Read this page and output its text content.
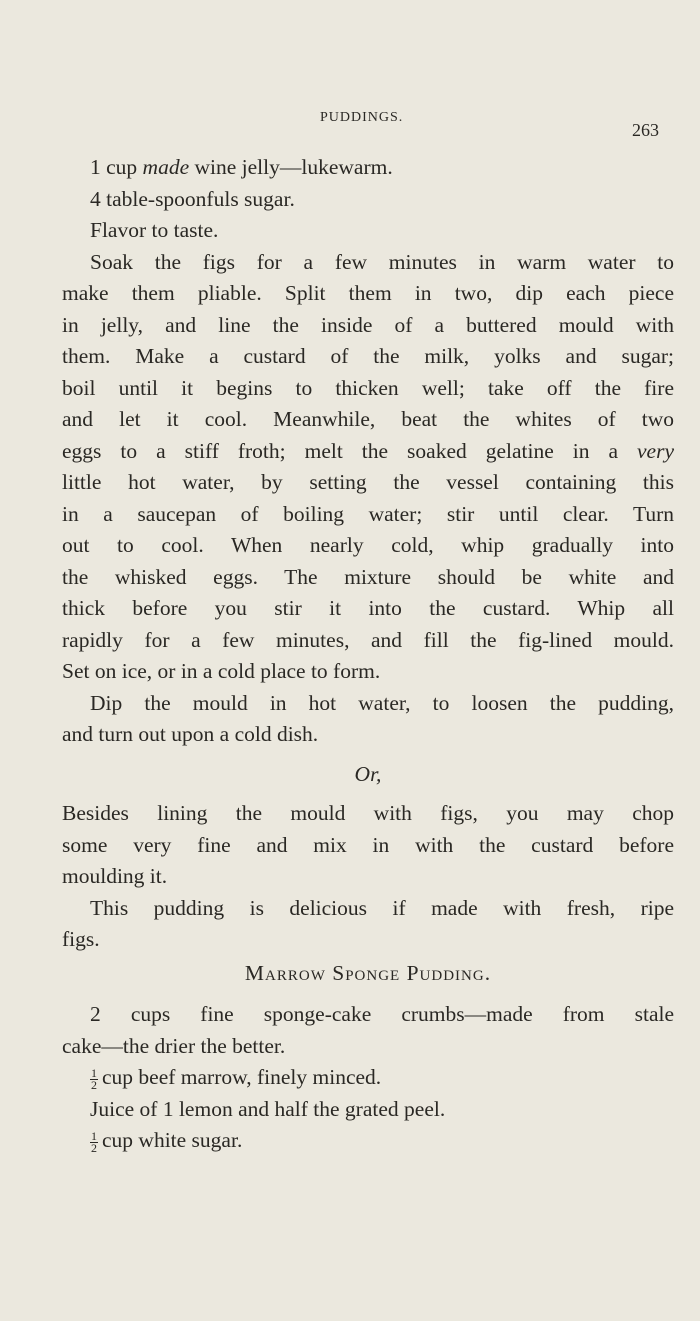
PUDDINGS.
263
1 cup made wine jelly—lukewarm.
4 table-spoonfuls sugar.
Flavor to taste.
Soak the figs for a few minutes in warm water to
make them pliable. Split them in two, dip each piece
in jelly, and line the inside of a buttered mould with
them. Make a custard of the milk, yolks and sugar;
boil until it begins to thicken well; take off the fire
and let it cool. Meanwhile, beat the whites of two
eggs to a stiff froth; melt the soaked gelatine in a very
little hot water, by setting the vessel containing this
in a saucepan of boiling water; stir until clear. Turn
out to cool. When nearly cold, whip gradually into
the whisked eggs. The mixture should be white and
thick before you stir it into the custard. Whip all
rapidly for a few minutes, and fill the fig-lined mould.
Set on ice, or in a cold place to form.
Dip the mould in hot water, to loosen the pudding,
and turn out upon a cold dish.
Or,
Besides lining the mould with figs, you may chop
some very fine and mix in with the custard before
moulding it.
This pudding is delicious if made with fresh, ripe
figs.
Marrow Sponge Pudding.
2 cups fine sponge-cake crumbs—made from stale
cake—the drier the better.
$\frac{1}{2}$ cup beef marrow, finely minced.
Juice of 1 lemon and half the grated peel.
$\frac{1}{2}$ cup white sugar.
